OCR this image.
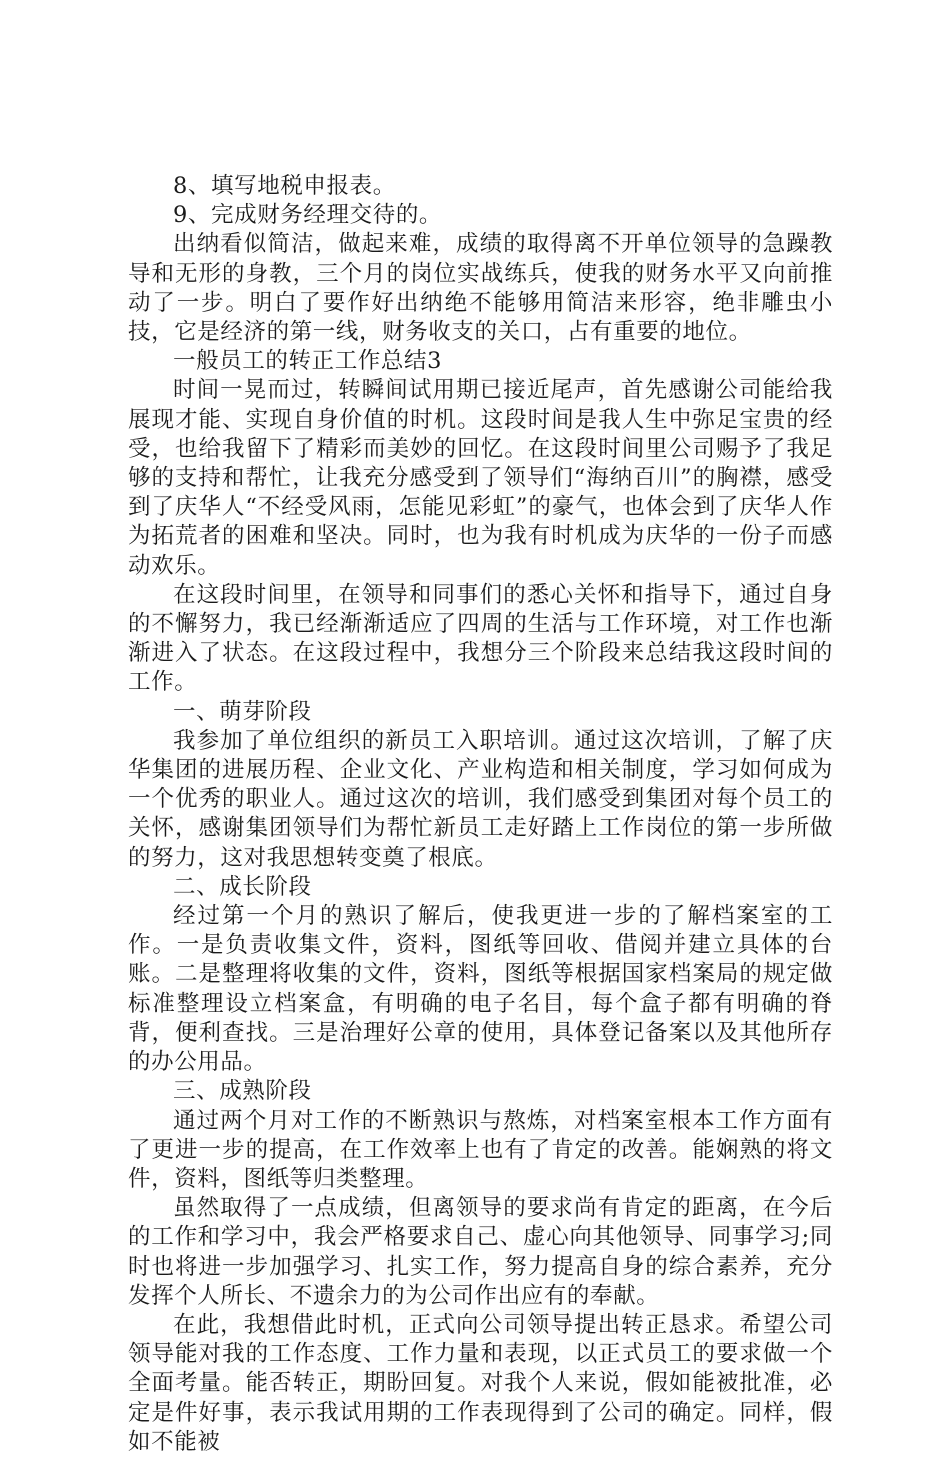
8、填写地税申报表。

9、完成财务经理交待的。

出纳看似简洁，做起来难，成绩的取得离不开单位领导的急躁教导和无形的身教，三个月的岗位实战练兵，使我的财务水平又向前推动了一步。明白了要作好出纳绝不能够用简洁来形容，绝非雕虫小技，它是经济的第一线，财务收支的关口，占有重要的地位。

一般员工的转正工作总结3

时间一晃而过，转瞬间试用期已接近尾声，首先感谢公司能给我展现才能、实现自身价值的时机。这段时间是我人生中弥足宝贵的经受，也给我留下了精彩而美妙的回忆。在这段时间里公司赐予了我足够的支持和帮忙，让我充分感受到了领导们“海纳百川”的胸襟，感受到了庆华人“不经受风雨，怎能见彩虹”的豪气，也体会到了庆华人作为拓荒者的困难和坚决。同时，也为我有时机成为庆华的一份子而感动欢乐。

在这段时间里，在领导和同事们的悉心关怀和指导下，通过自身的不懈努力，我已经渐渐适应了四周的生活与工作环境，对工作也渐渐进入了状态。在这段过程中，我想分三个阶段来总结我这段时间的工作。

一、萌芽阶段

我参加了单位组织的新员工入职培训。通过这次培训，了解了庆华集团的进展历程、企业文化、产业构造和相关制度，学习如何成为一个优秀的职业人。通过这次的培训，我们感受到集团对每个员工的关怀，感谢集团领导们为帮忙新员工走好踏上工作岗位的第一步所做的努力，这对我思想转变奠了根底。

二、成长阶段

经过第一个月的熟识了解后，使我更进一步的了解档案室的工作。一是负责收集文件，资料，图纸等回收、借阅并建立具体的台账。二是整理将收集的文件，资料，图纸等根据国家档案局的规定做标准整理设立档案盒，有明确的电子名目，每个盒子都有明确的脊背，便利查找。三是治理好公章的使用，具体登记备案以及其他所存的办公用品。

三、成熟阶段

通过两个月对工作的不断熟识与熬炼，对档案室根本工作方面有了更进一步的提高，在工作效率上也有了肯定的改善。能娴熟的将文件，资料，图纸等归类整理。

虽然取得了一点成绩，但离领导的要求尚有肯定的距离，在今后的工作和学习中，我会严格要求自己、虚心向其他领导、同事学习;同时也将进一步加强学习、扎实工作，努力提高自身的综合素养，充分发挥个人所长、不遗余力的为公司作出应有的奉献。

在此，我想借此时机，正式向公司领导提出转正恳求。希望公司领导能对我的工作态度、工作力量和表现，以正式员工的要求做一个全面考量。能否转正，期盼回复。对我个人来说，假如能被批准，必定是件好事，表示我试用期的工作表现得到了公司的确定。同样，假如不能被
